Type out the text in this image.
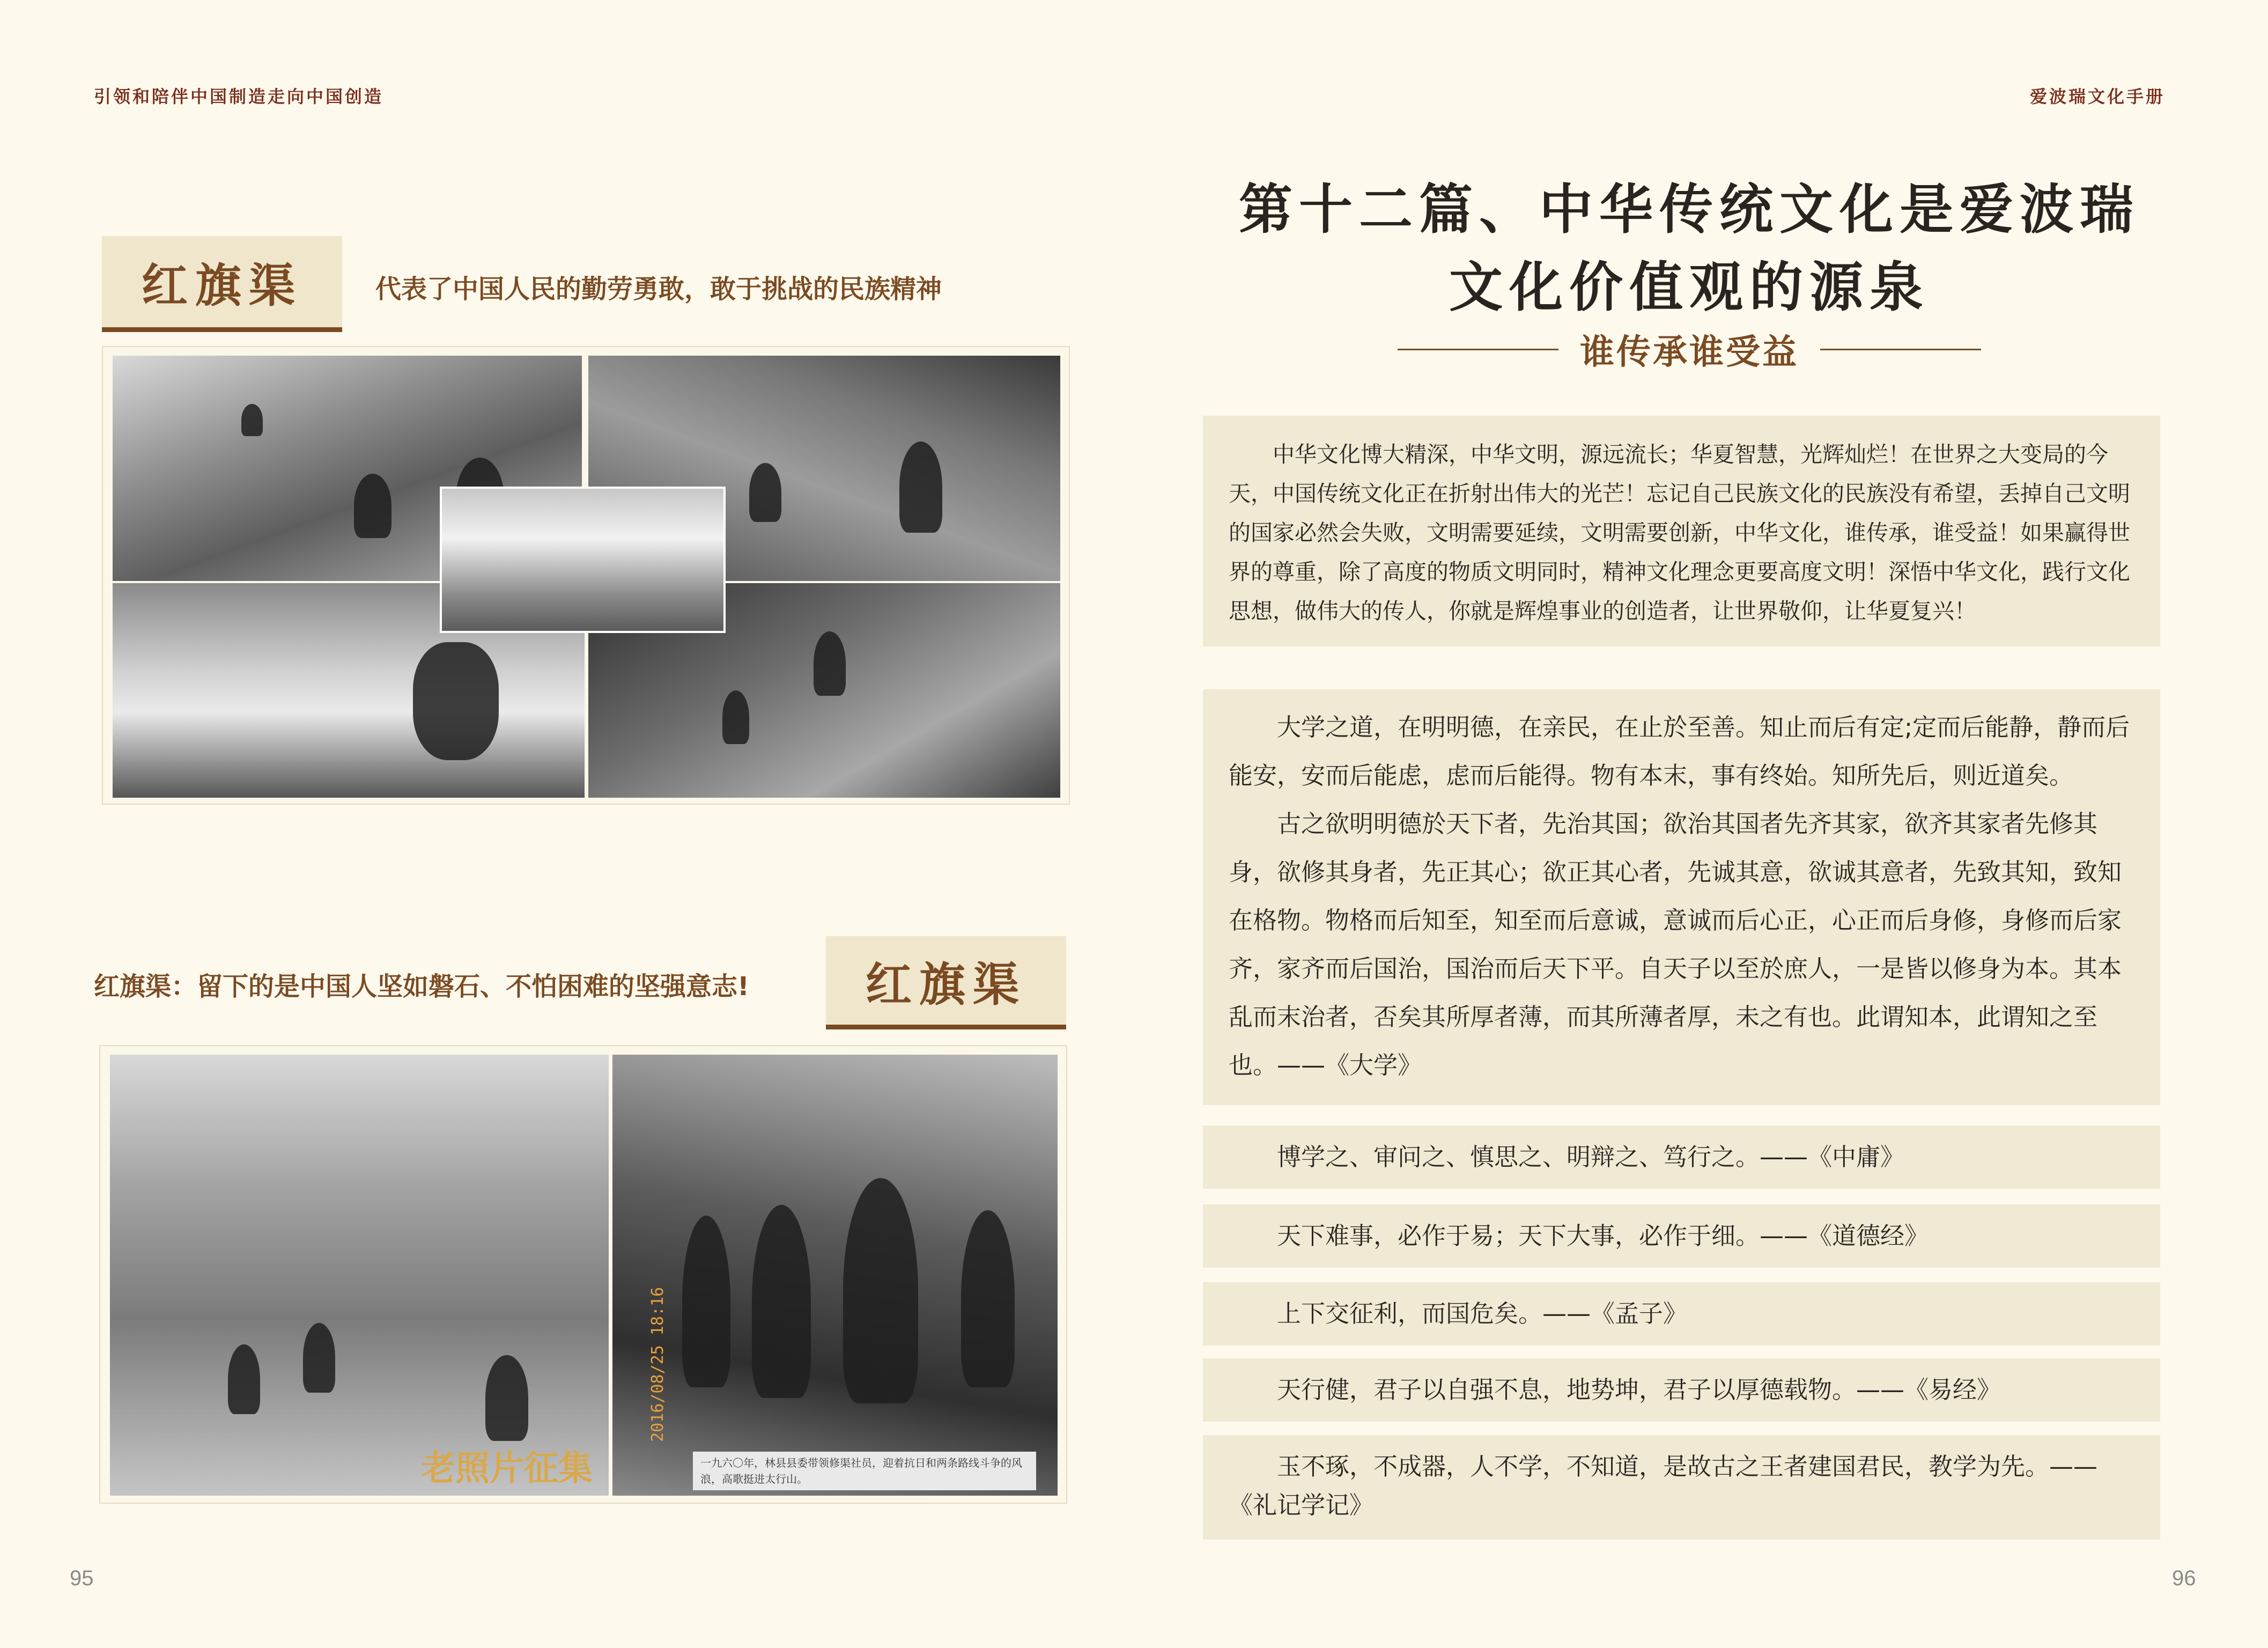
引领和陪伴中国制造走向中国创造
红旗渠	代表了中国人民的勤劳勇敢，敢于挑战的民族精神
红旗渠：留下的是中国人坚如磐石、不怕困难的坚强意志!	红旗渠
老照片征集
2016/08/25 18:16
一九六〇年，林县县委带领修渠社员，迎着抗日和两条路线斗争的风浪，高歌挺进太行山。
95
爱波瑞文化手册
第十二篇、中华传统文化是爱波瑞
文化价值观的源泉
谁传承谁受益

中华文化博大精深，中华文明，源远流长；华夏智慧，光辉灿烂！在世界之大变局的今天，中国传统文化正在折射出伟大的光芒！忘记自己民族文化的民族没有希望，丢掉自己文明的国家必然会失败，文明需要延续，文明需要创新，中华文化，谁传承，谁受益！如果赢得世界的尊重，除了高度的物质文明同时，精神文化理念更要高度文明！深悟中华文化，践行文化思想，做伟大的传人，你就是辉煌事业的创造者，让世界敬仰，让华夏复兴！

大学之道，在明明德，在亲民，在止於至善。知止而后有定;定而后能静，静而后能安，安而后能虑，虑而后能得。物有本末，事有终始。知所先后，则近道矣。

古之欲明明德於天下者，先治其国；欲治其国者先齐其家，欲齐其家者先修其身，欲修其身者，先正其心；欲正其心者，先诚其意，欲诚其意者，先致其知，致知在格物。物格而后知至，知至而后意诚，意诚而后心正，心正而后身修，身修而后家齐，家齐而后国治，国治而后天下平。自天子以至於庶人，一是皆以修身为本。其本乱而末治者，否矣其所厚者薄，而其所薄者厚，未之有也。此谓知本，此谓知之至也。——《大学》

博学之、审问之、慎思之、明辩之、笃行之。——《中庸》

天下难事，必作于易；天下大事，必作于细。——《道德经》

上下交征利，而国危矣。——《孟子》

天行健，君子以自强不息，地势坤，君子以厚德载物。——《易经》

玉不琢，不成器，人不学，不知道，是故古之王者建国君民，教学为先。——《礼记学记》

96
